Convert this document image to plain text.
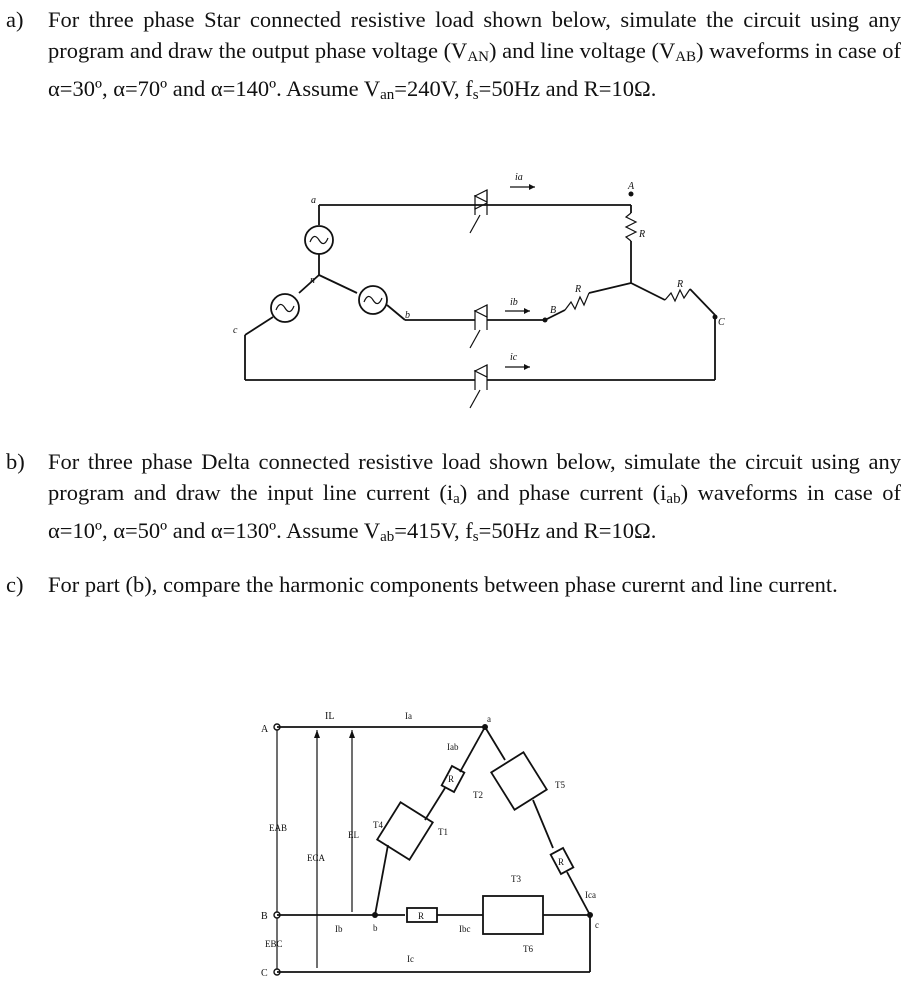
a) For three phase Star connected resistive load shown below, simulate the circuit using any program and draw the output phase voltage $(V_{AN})$ and line voltage $(V_{AB})$ waveforms in case of α=30º, α=70º and α=140º. Assume $V_{an}=240V$, $f_s=50Hz$ and R=10Ω.
a
n
b
c
ia
ib
ic
A
B
C
R
R	R
b) For three phase Delta connected resistive load shown below, simulate the circuit using any program and draw the input line current $(i_a)$ and phase current $(i_{ab})$ waveforms in case of α=10º, α=50º and α=130º. Assume $V_{ab}=415V$, $f_s=50Hz$ and R=10Ω.
c) For part (b), compare the harmonic components between phase curernt and line current.
A
B
C
a
b	c
IL	Ia
Ib
Ic
Iab
Ibc
Ica
EAB
EBC
ECA
EL	T1
T2
T3
T4
T5
T6
R
R
R
